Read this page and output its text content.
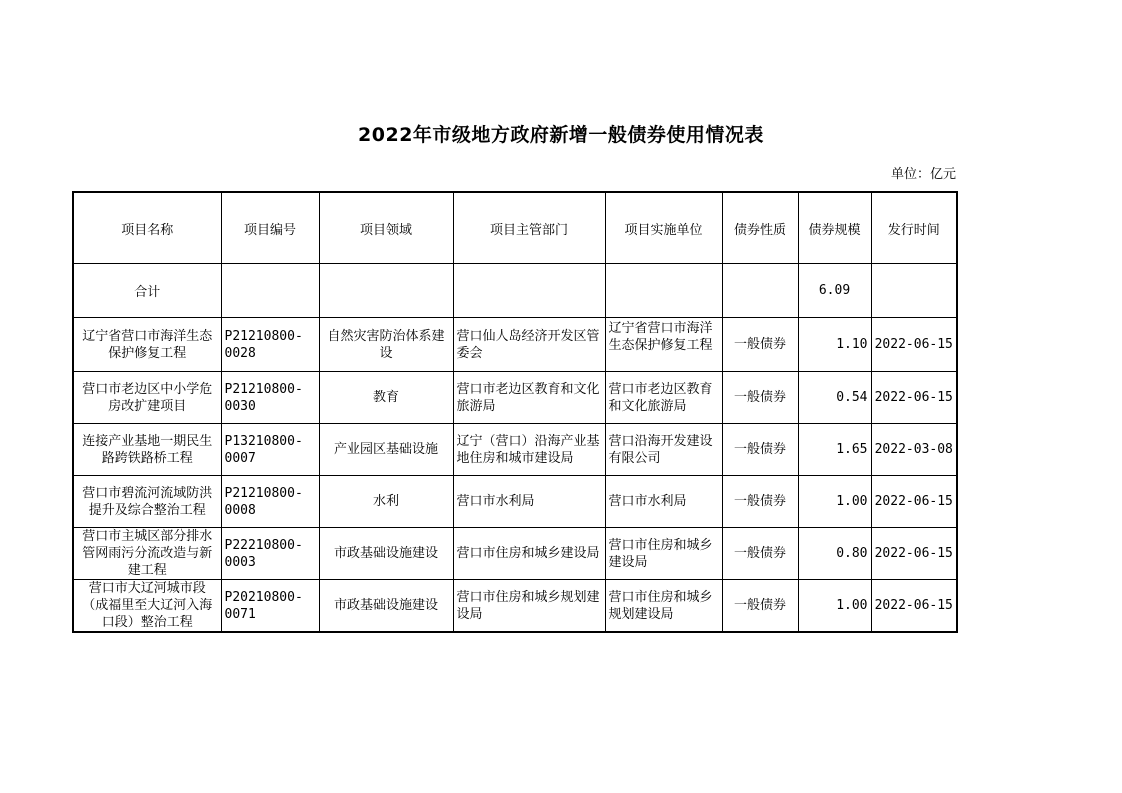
2022年市级地方政府新增一般债券使用情况表
单位：亿元
项目名称	项目编号	项目领域	项目主管部门	项目实施单位	债券性质	债券规模	发行时间
合计						6.09	
辽宁省营口市海洋生态保护修复工程	P21210800-0028	自然灾害防治体系建设	营口仙人岛经济开发区管委会	辽宁省营口市海洋生态保护修复工程	一般债券	1.10	2022-06-15
营口市老边区中小学危房改扩建项目	P21210800-0030	教育	营口市老边区教育和文化旅游局	营口市老边区教育和文化旅游局	一般债券	0.54	2022-06-15
连接产业基地一期民生路跨铁路桥工程	P13210800-0007	产业园区基础设施	辽宁（营口）沿海产业基地住房和城市建设局	营口沿海开发建设有限公司	一般债券	1.65	2022-03-08
营口市碧流河流域防洪提升及综合整治工程	P21210800-0008	水利	营口市水利局	营口市水利局	一般债券	1.00	2022-06-15
营口市主城区部分排水管网雨污分流改造与新建工程	P22210800-0003	市政基础设施建设	营口市住房和城乡建设局	营口市住房和城乡建设局	一般债券	0.80	2022-06-15
营口市大辽河城市段（成福里至大辽河入海口段）整治工程	P20210800-0071	市政基础设施建设	营口市住房和城乡规划建设局	营口市住房和城乡规划建设局	一般债券	1.00	2022-06-15
